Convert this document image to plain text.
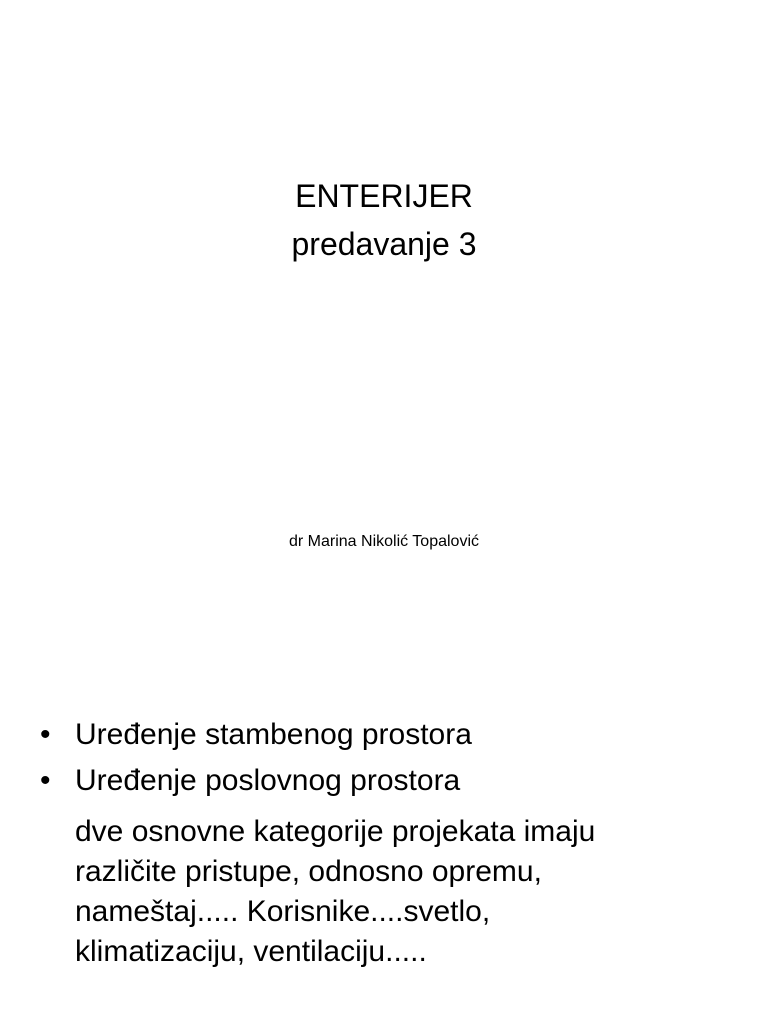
ENTERIJER
predavanje 3
dr Marina Nikolić Topalović
• Uređenje stambenog prostora
• Uređenje poslovnog prostora

dve osnovne kategorije projekata imaju
različite pristupe, odnosno opremu,
nameštaj..... Korisnike....svetlo,
klimatizaciju, ventilaciju.....
